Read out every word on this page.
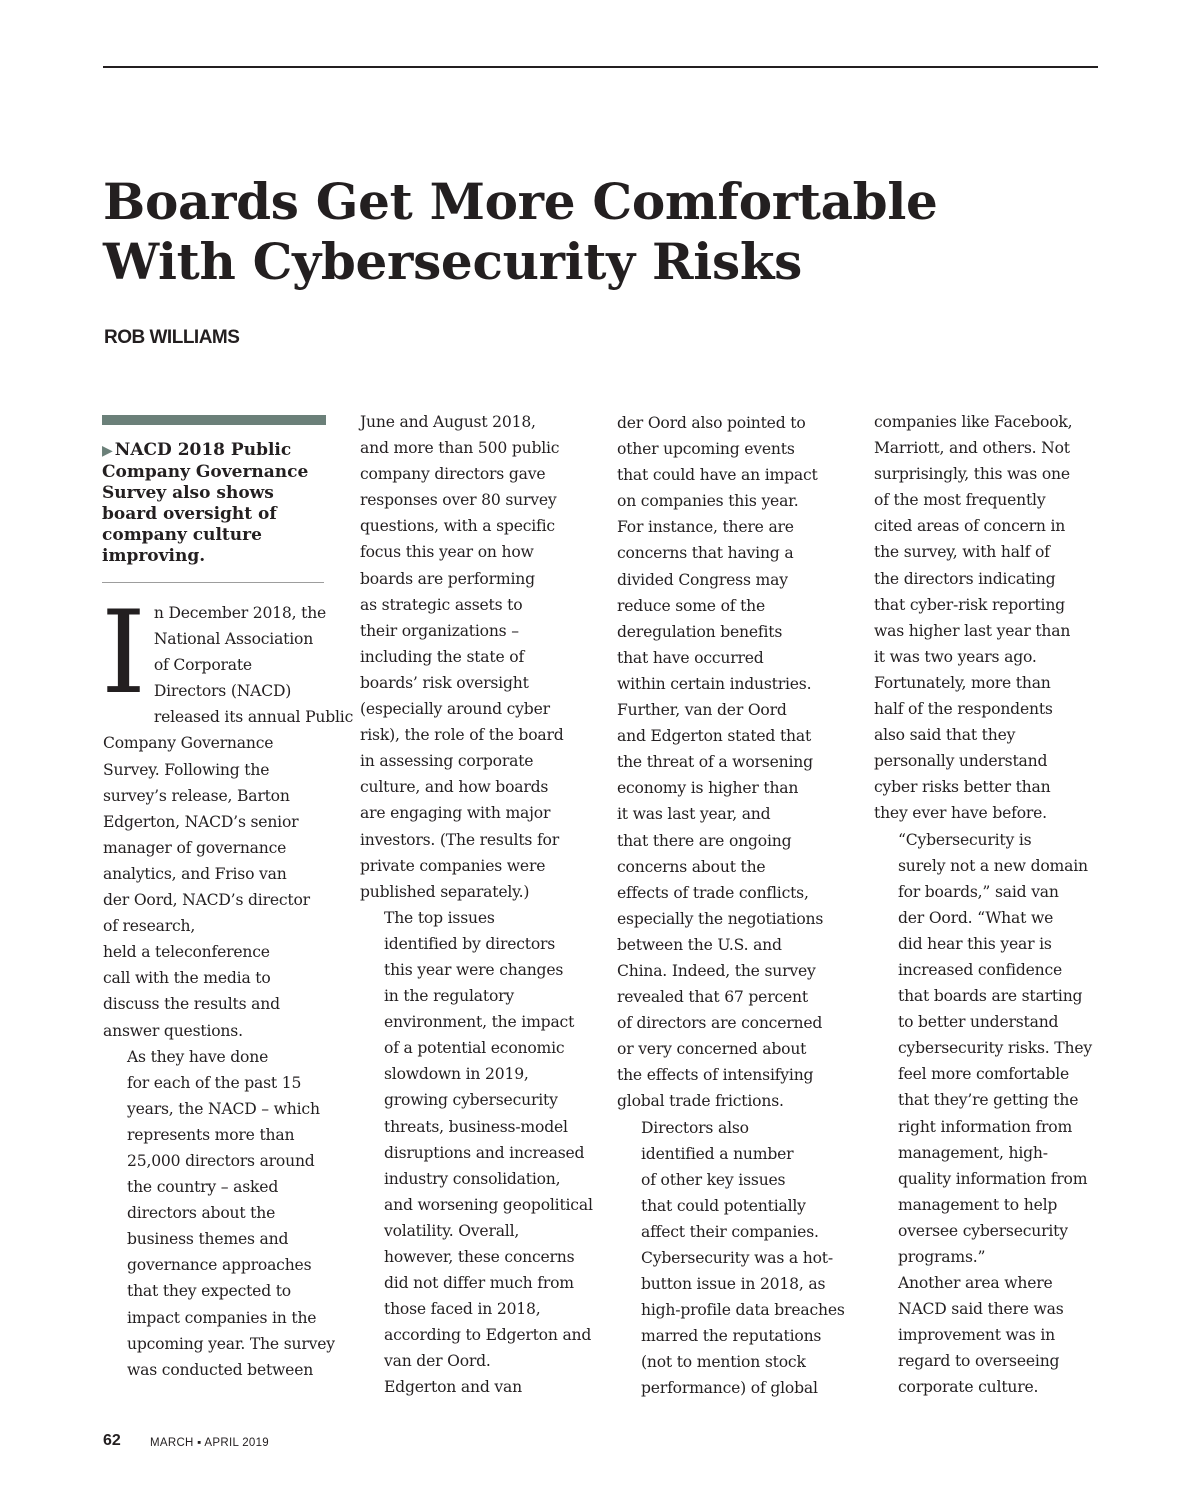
Boards Get More Comfortable
With Cybersecurity Risks

ROB WILLIAMS

▶ NACD 2018 Public
Company Governance
Survey also shows
board oversight of
company culture
improving.

I n December 2018, the
National Association
of Corporate
Directors (NACD)
released its annual Public
Company Governance
Survey. Following the
survey’s release, Barton
Edgerton, NACD’s senior
manager of governance
analytics, and Friso van
der Oord, NACD’s director
of research,
held a teleconference
call with the media to
discuss the results and
answer questions.

As they have done
for each of the past 15
years, the NACD – which
represents more than
25,000 directors around
the country – asked
directors about the
business themes and
governance approaches
that they expected to
impact companies in the
upcoming year. The survey
was conducted between

June and August 2018,
and more than 500 public
company directors gave
responses over 80 survey
questions, with a specific
focus this year on how
boards are performing
as strategic assets to
their organizations –
including the state of
boards’ risk oversight
(especially around cyber
risk), the role of the board
in assessing corporate
culture, and how boards
are engaging with major
investors. (The results for
private companies were
published separately.)

The top issues
identified by directors
this year were changes
in the regulatory
environment, the impact
of a potential economic
slowdown in 2019,
growing cybersecurity
threats, business-model
disruptions and increased
industry consolidation,
and worsening geopolitical
volatility. Overall,
however, these concerns
did not differ much from
those faced in 2018,
according to Edgerton and
van der Oord.

Edgerton and van

der Oord also pointed to
other upcoming events
that could have an impact
on companies this year.
For instance, there are
concerns that having a
divided Congress may
reduce some of the
deregulation benefits
that have occurred
within certain industries.
Further, van der Oord
and Edgerton stated that
the threat of a worsening
economy is higher than
it was last year, and
that there are ongoing
concerns about the
effects of trade conflicts,
especially the negotiations
between the U.S. and
China. Indeed, the survey
revealed that 67 percent
of directors are concerned
or very concerned about
the effects of intensifying
global trade frictions.

Directors also
identified a number
of other key issues
that could potentially
affect their companies.
Cybersecurity was a hot-
button issue in 2018, as
high-profile data breaches
marred the reputations
(not to mention stock
performance) of global

companies like Facebook,
Marriott, and others. Not
surprisingly, this was one
of the most frequently
cited areas of concern in
the survey, with half of
the directors indicating
that cyber-risk reporting
was higher last year than
it was two years ago.
Fortunately, more than
half of the respondents
also said that they
personally understand
cyber risks better than
they ever have before.

“Cybersecurity is
surely not a new domain
for boards,” said van
der Oord. “What we
did hear this year is
increased confidence
that boards are starting
to better understand
cybersecurity risks. They
feel more comfortable
that they’re getting the
right information from
management, high-
quality information from
management to help
oversee cybersecurity
programs.”

Another area where
NACD said there was
improvement was in
regard to overseeing
corporate culture.

62	MARCH ▪ APRIL 2019
